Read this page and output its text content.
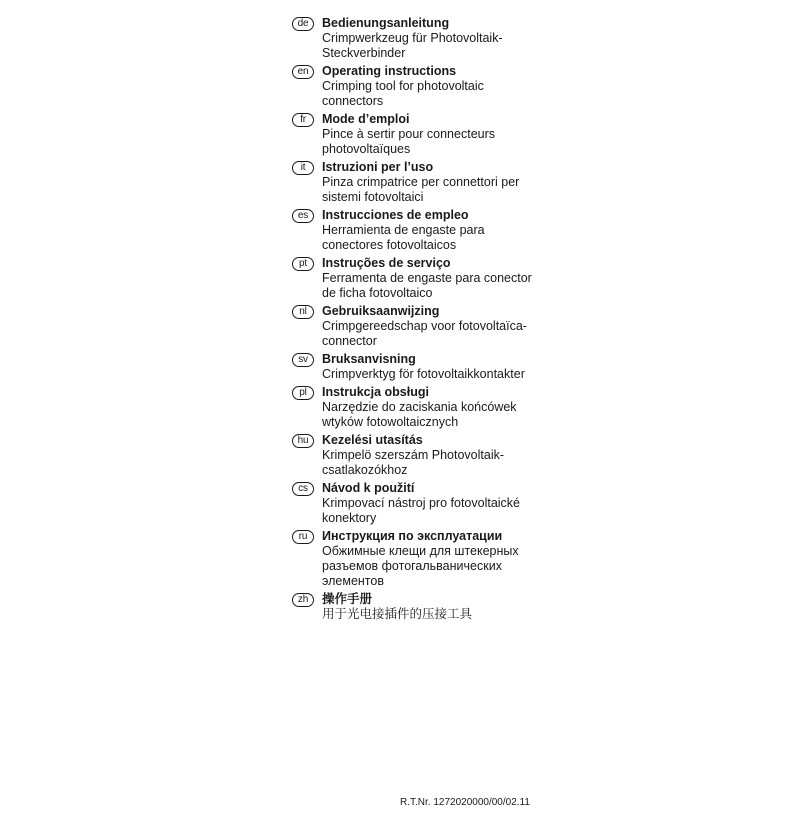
de	Bedienungsanleitung
Crimpwerkzeug für Photovoltaik-Steckverbinder
en	Operating instructions
Crimping tool for photovoltaic connectors
fr	Mode d’emploi
Pince à sertir pour connecteurs photovoltaïques
it	Istruzioni per l’uso
Pinza crimpatrice per connettori per sistemi fotovoltaici
es	Instrucciones de empleo
Herramienta de engaste para conectores fotovoltaicos
pt	Instruções de serviço
Ferramenta de engaste para conector de ficha fotovoltaico
nl	Gebruiksaanwijzing
Crimpgereedschap voor fotovoltaïca-connector
sv	Bruksanvisning
Crimpverktyg för fotovoltaikkontakter
pl	Instrukcja obsługi
Narzędzie do zaciskania końcówek wtyków fotowoltaicznych
hu	Kezelési utasítás
Krimpelö szerszám Photovoltaik-csatlakozókhoz
cs	Návod k použití
Krimpovací nástroj pro fotovoltaické konektory
ru	Инструкция по эксплуатации
Обжимные клещи для штекерных разъемов фотогальванических элементов
zh	操作手册
用于光电接插件的压接工具
R.T.Nr. 1272020000/00/02.11
